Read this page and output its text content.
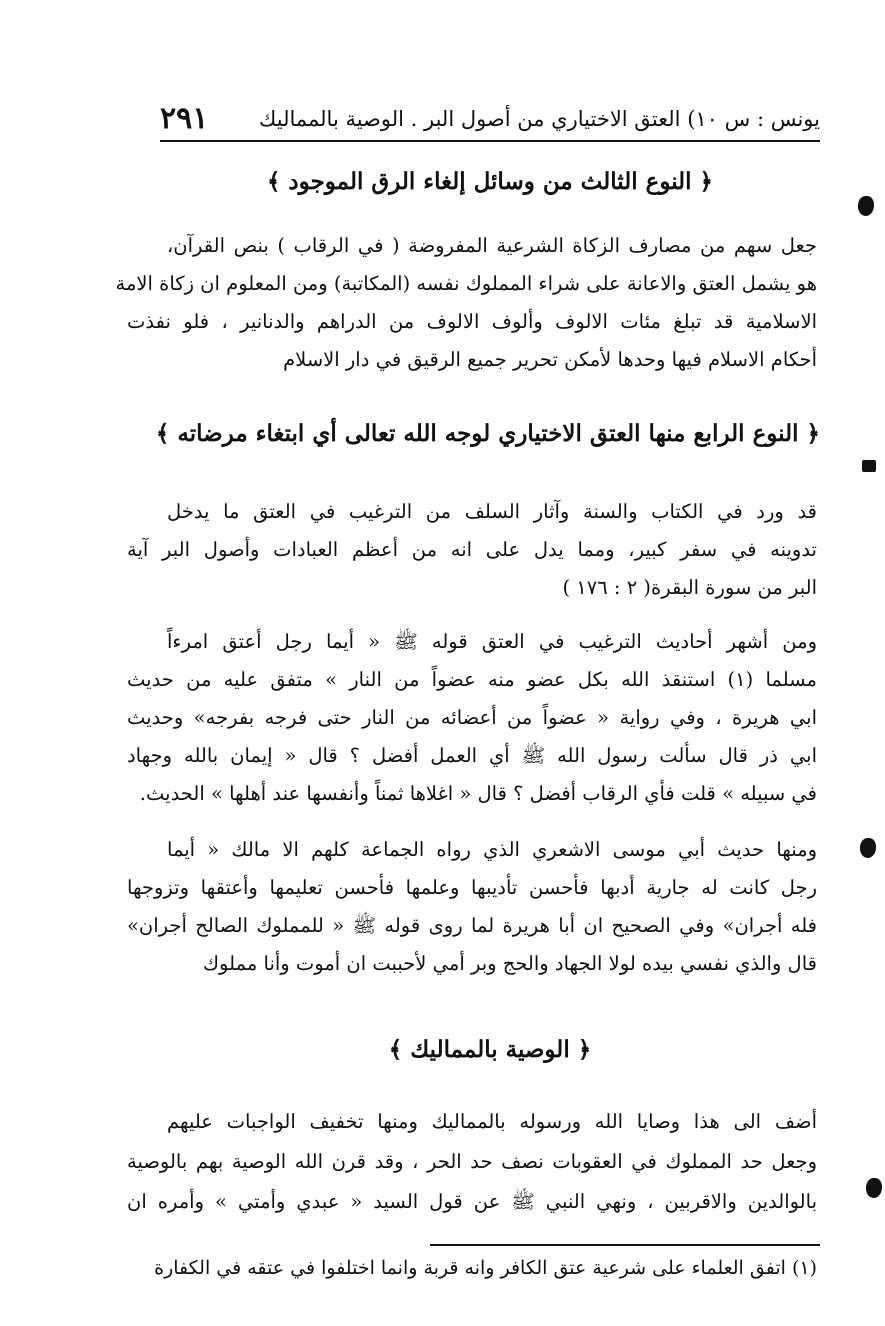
يونس : س ١٠) العتق الاختياري من أصول البر . الوصية بالمماليك
٢٩١
﴿ النوع الثالث من وسائل إلغاء الرق الموجود ﴾
جعل سهم من مصارف الزكاة الشرعية المفروضة ( في الرقاب ) بنص القرآن،
هو يشمل العتق والاعانة على شراء المملوك نفسه (المكاتبة) ومن المعلوم ان زكاة الامة
الاسلامية قد تبلغ مئات الالوف وألوف الالوف من الدراهم والدنانير ، فلو نفذت
أحكام الاسلام فيها وحدها لأمكن تحرير جميع الرقيق في دار الاسلام
﴿ النوع الرابع منها العتق الاختياري لوجه الله تعالى أي ابتغاء مرضاته ﴾
قد ورد في الكتاب والسنة وآثار السلف من الترغيب في العتق ما يدخل
تدوينه في سفر كبير، ومما يدل على انه من أعظم العبادات وأصول البر آية
البر من سورة البقرة( ٢ : ١٧٦ )
ومن أشهر أحاديث الترغيب في العتق قوله ﷺ « أيما رجل أعتق امرءاً
مسلما (١) استنقذ الله بكل عضو منه عضواً من النار » متفق عليه من حديث
ابي هريرة ، وفي رواية « عضواً من أعضائه من النار حتى فرجه بفرجه» وحديث
ابي ذر قال سألت رسول الله ﷺ أي العمل أفضل ؟ قال « إيمان بالله وجهاد
في سبيله » قلت فأي الرقاب أفضل ؟ قال « اغلاها ثمناً وأنفسها عند أهلها » الحديث.
ومنها حديث أبي موسى الاشعري الذي رواه الجماعة كلهم الا مالك « أيما
رجل كانت له جارية أدبها فأحسن تأديبها وعلمها فأحسن تعليمها وأعتقها وتزوجها
فله أجران» وفي الصحيح ان أبا هريرة لما روى قوله ﷺ « للمملوك الصالح أجران»
قال والذي نفسي بيده لولا الجهاد والحج وبر أمي لأحببت ان أموت وأنا مملوك
﴿ الوصية بالمماليك ﴾
أضف الى هذا وصايا الله ورسوله بالمماليك ومنها تخفيف الواجبات عليهم
وجعل حد المملوك في العقوبات نصف حد الحر ، وقد قرن الله الوصية بهم بالوصية
بالوالدين والاقربين ، ونهي النبي ﷺ عن قول السيد « عبدي وأمتي » وأمره ان
(١) اتفق العلماء على شرعية عتق الكافر وانه قربة وانما اختلفوا في عتقه في الكفارة
